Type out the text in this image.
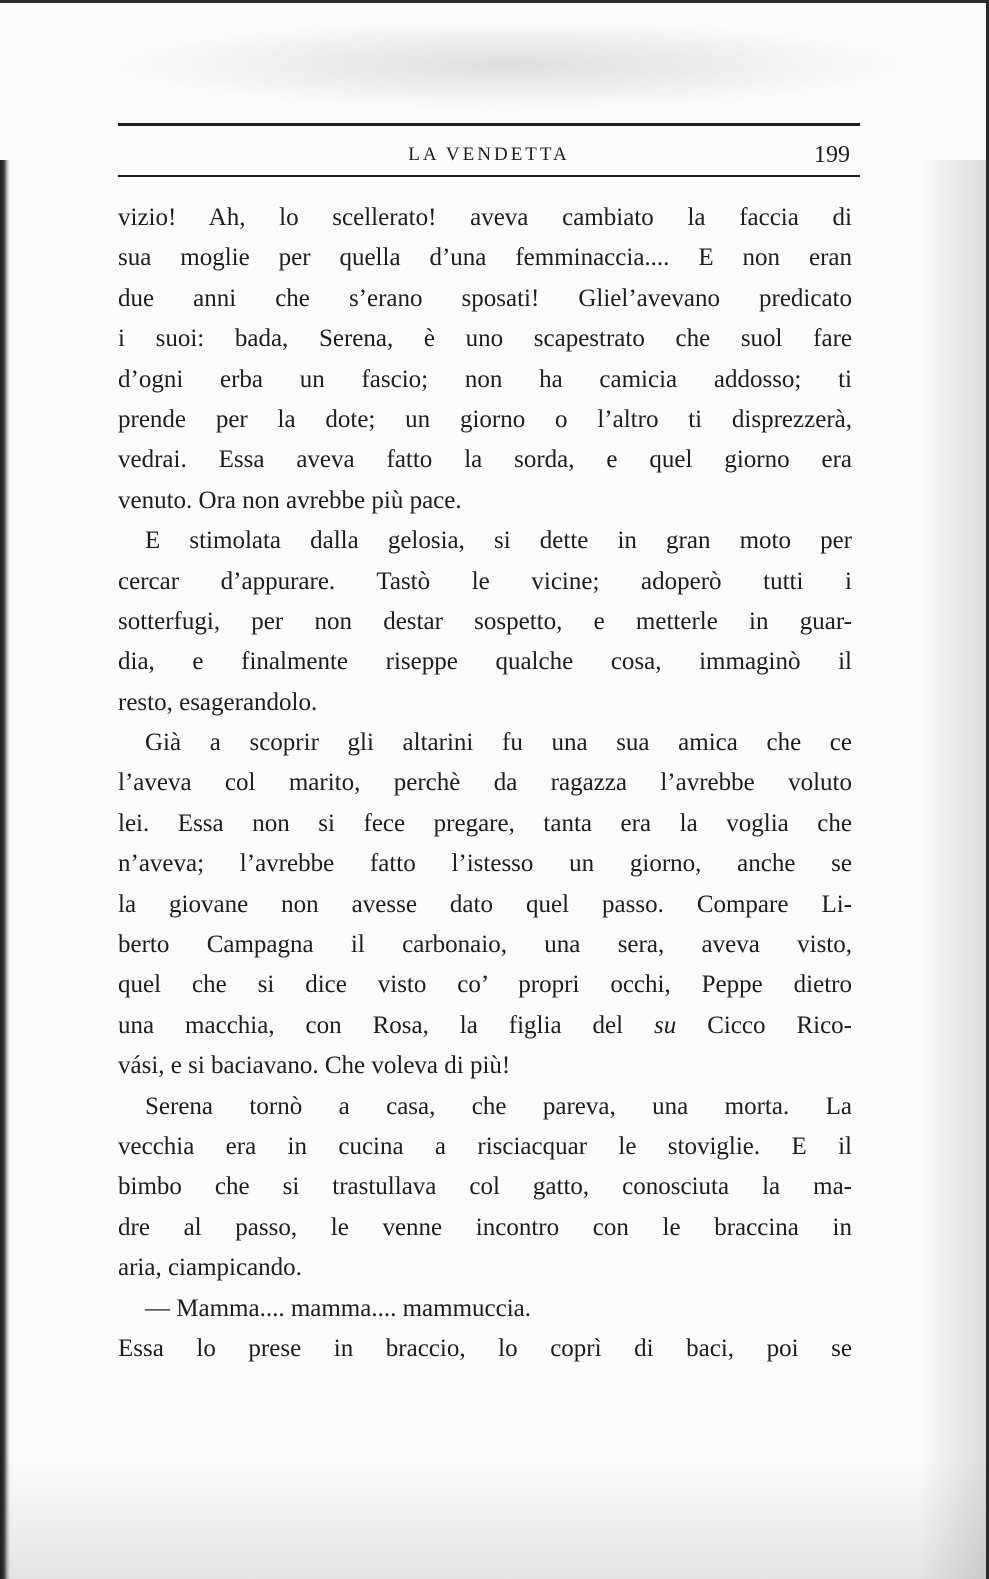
LA VENDETTA	199
vizio! Ah, lo scellerato! aveva cambiato la faccia di
sua moglie per quella d’una femminaccia.... E non eran
due anni che s’erano sposati! Gliel’avevano predicato
i suoi: bada, Serena, è uno scapestrato che suol fare
d’ogni erba un fascio; non ha camicia addosso; ti
prende per la dote; un giorno o l’altro ti disprezzerà,
vedrai. Essa aveva fatto la sorda, e quel giorno era
venuto. Ora non avrebbe più pace.
E stimolata dalla gelosia, si dette in gran moto per
cercar d’appurare. Tastò le vicine; adoperò tutti i
sotterfugi, per non destar sospetto, e metterle in guar-
dia, e finalmente riseppe qualche cosa, immaginò il
resto, esagerandolo.
Già a scoprir gli altarini fu una sua amica che ce
l’aveva col marito, perchè da ragazza l’avrebbe voluto
lei. Essa non si fece pregare, tanta era la voglia che
n’aveva; l’avrebbe fatto l’istesso un giorno, anche se
la giovane non avesse dato quel passo. Compare Li-
berto Campagna il carbonaio, una sera, aveva visto,
quel che si dice visto co’ propri occhi, Peppe dietro
una macchia, con Rosa, la figlia del su Cicco Rico-
vási, e si baciavano. Che voleva di più!
Serena tornò a casa, che pareva, una morta. La
vecchia era in cucina a risciacquar le stoviglie. E il
bimbo che si trastullava col gatto, conosciuta la ma-
dre al passo, le venne incontro con le braccina in
aria, ciampicando.
— Mamma.... mamma.... mammuccia.
Essa lo prese in braccio, lo coprì di baci, poi se
